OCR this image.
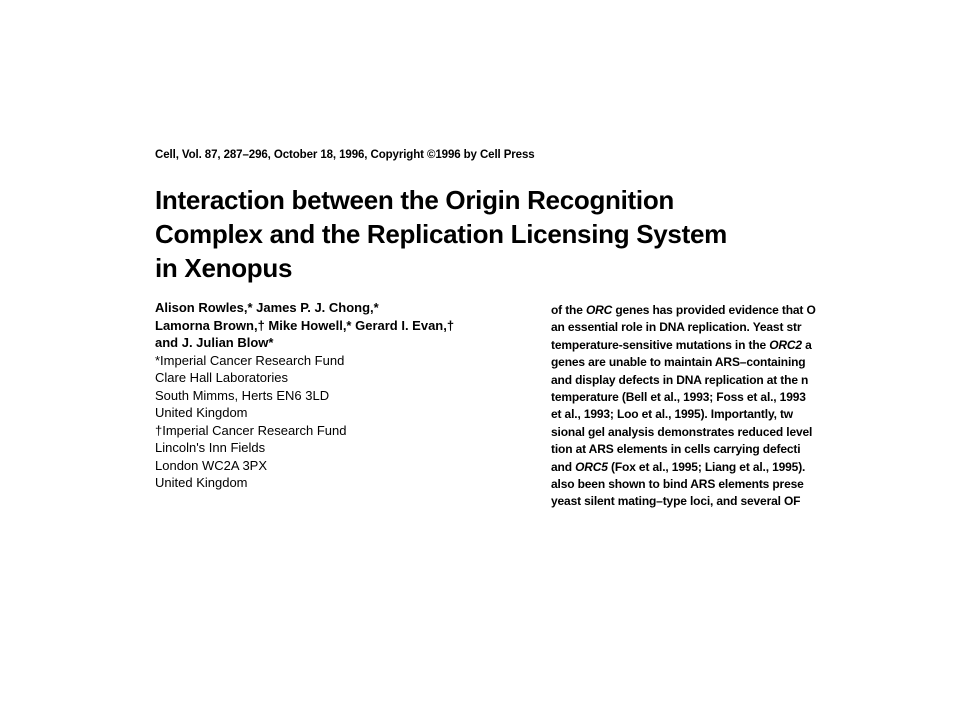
Cell, Vol. 87, 287–296, October 18, 1996, Copyright ©1996 by Cell Press
Interaction between the Origin Recognition
Complex and the Replication Licensing System
in Xenopus
Alison Rowles,* James P. J. Chong,*
Lamorna Brown,† Mike Howell,* Gerard I. Evan,†
and J. Julian Blow*
*Imperial Cancer Research Fund
Clare Hall Laboratories
South Mimms, Herts EN6 3LD
United Kingdom
†Imperial Cancer Research Fund
Lincoln's Inn Fields
London WC2A 3PX
United Kingdom
of the ORC genes has provided evidence that O
an essential role in DNA replication. Yeast str
temperature-sensitive mutations in the ORC2 a
genes are unable to maintain ARS–containing
and display defects in DNA replication at the n
temperature (Bell et al., 1993; Foss et al., 1993
et al., 1993; Loo et al., 1995). Importantly, tw
sional gel analysis demonstrates reduced level
tion at ARS elements in cells carrying defecti
and ORC5 (Fox et al., 1995; Liang et al., 1995).
also been shown to bind ARS elements prese
yeast silent mating–type loci, and several OF
